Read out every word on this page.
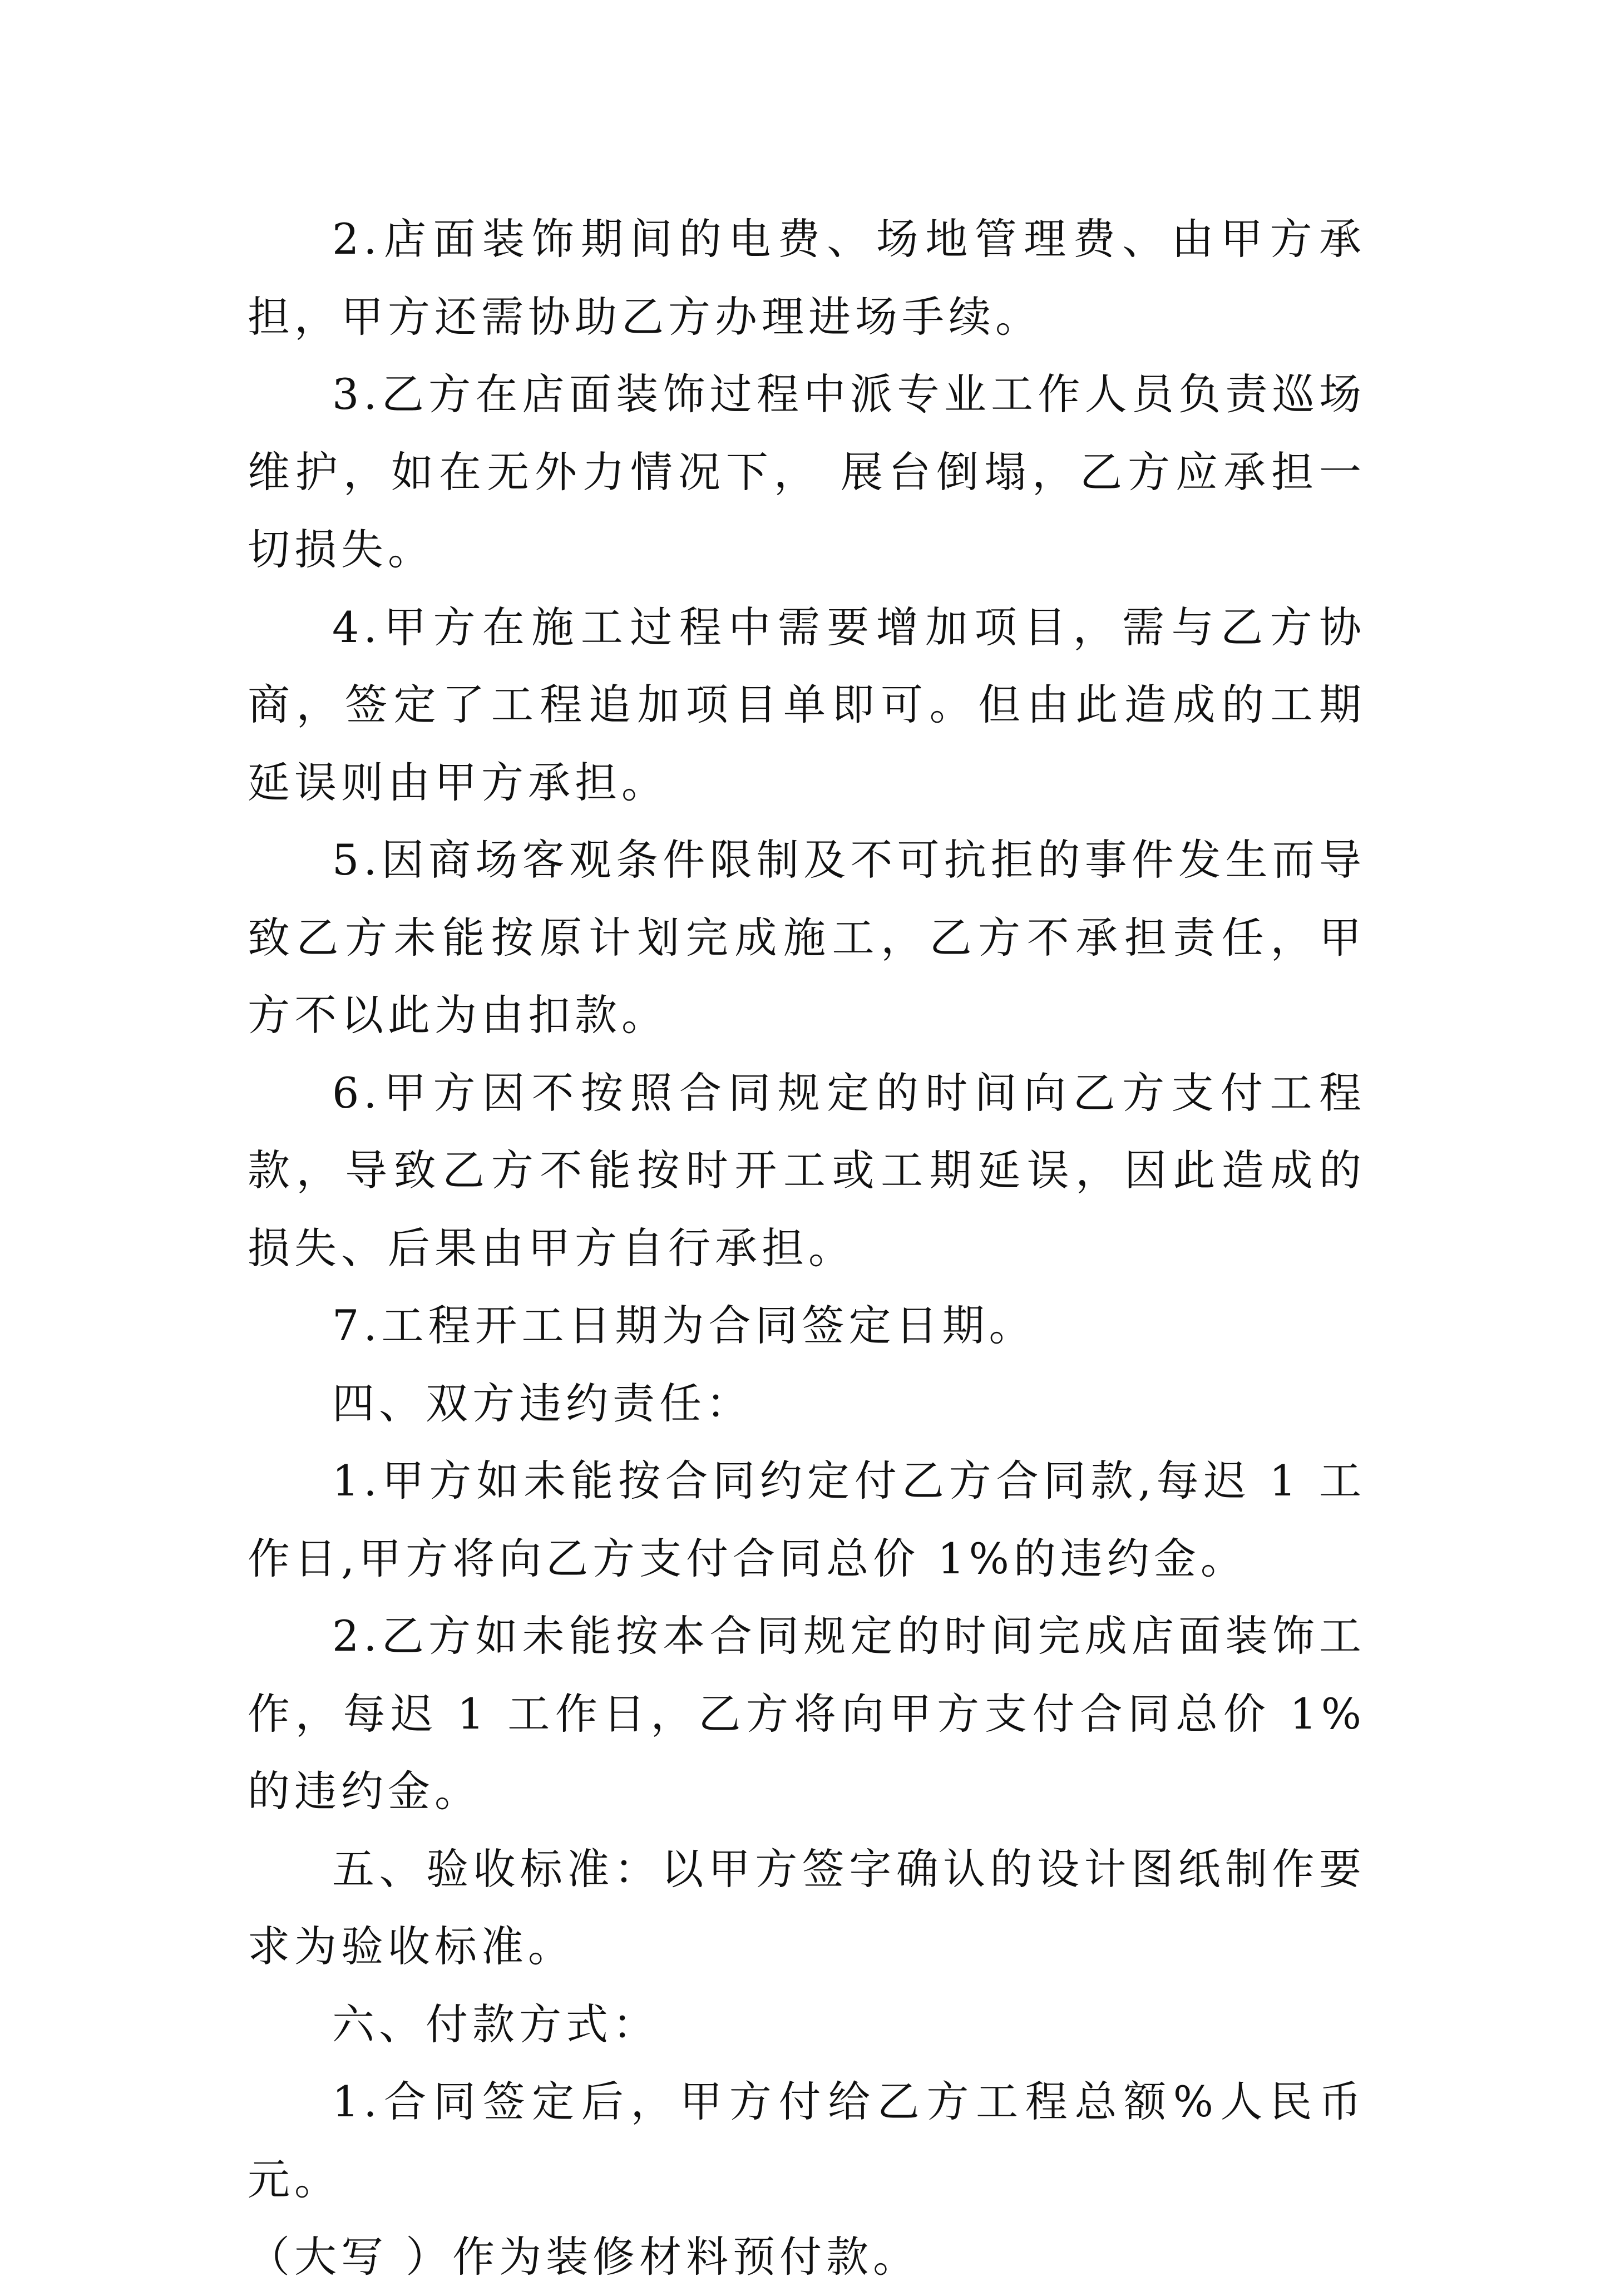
2.店面装饰期间的电费、场地管理费、由甲方承担，甲方还需协助乙方办理进场手续。

3.乙方在店面装饰过程中派专业工作人员负责巡场维护，如在无外力情况下， 展台倒塌，乙方应承担一切损失。

4.甲方在施工过程中需要增加项目，需与乙方协商，签定了工程追加项目单即可。但由此造成的工期延误则由甲方承担。

5.因商场客观条件限制及不可抗拒的事件发生而导致乙方未能按原计划完成施工，乙方不承担责任，甲方不以此为由扣款。

6.甲方因不按照合同规定的时间向乙方支付工程款，导致乙方不能按时开工或工期延误，因此造成的损失、后果由甲方自行承担。

7.工程开工日期为合同签定日期。

四、双方违约责任：

1.甲方如未能按合同约定付乙方合同款,每迟 1 工作日,甲方将向乙方支付合同总价 1%的违约金。

2.乙方如未能按本合同规定的时间完成店面装饰工作，每迟 1 工作日，乙方将向甲方支付合同总价 1%的违约金。

五、验收标准：以甲方签字确认的设计图纸制作要求为验收标准。

六、付款方式：

1.合同签定后，甲方付给乙方工程总额%人民币元。

（大写 ）作为装修材料预付款。
